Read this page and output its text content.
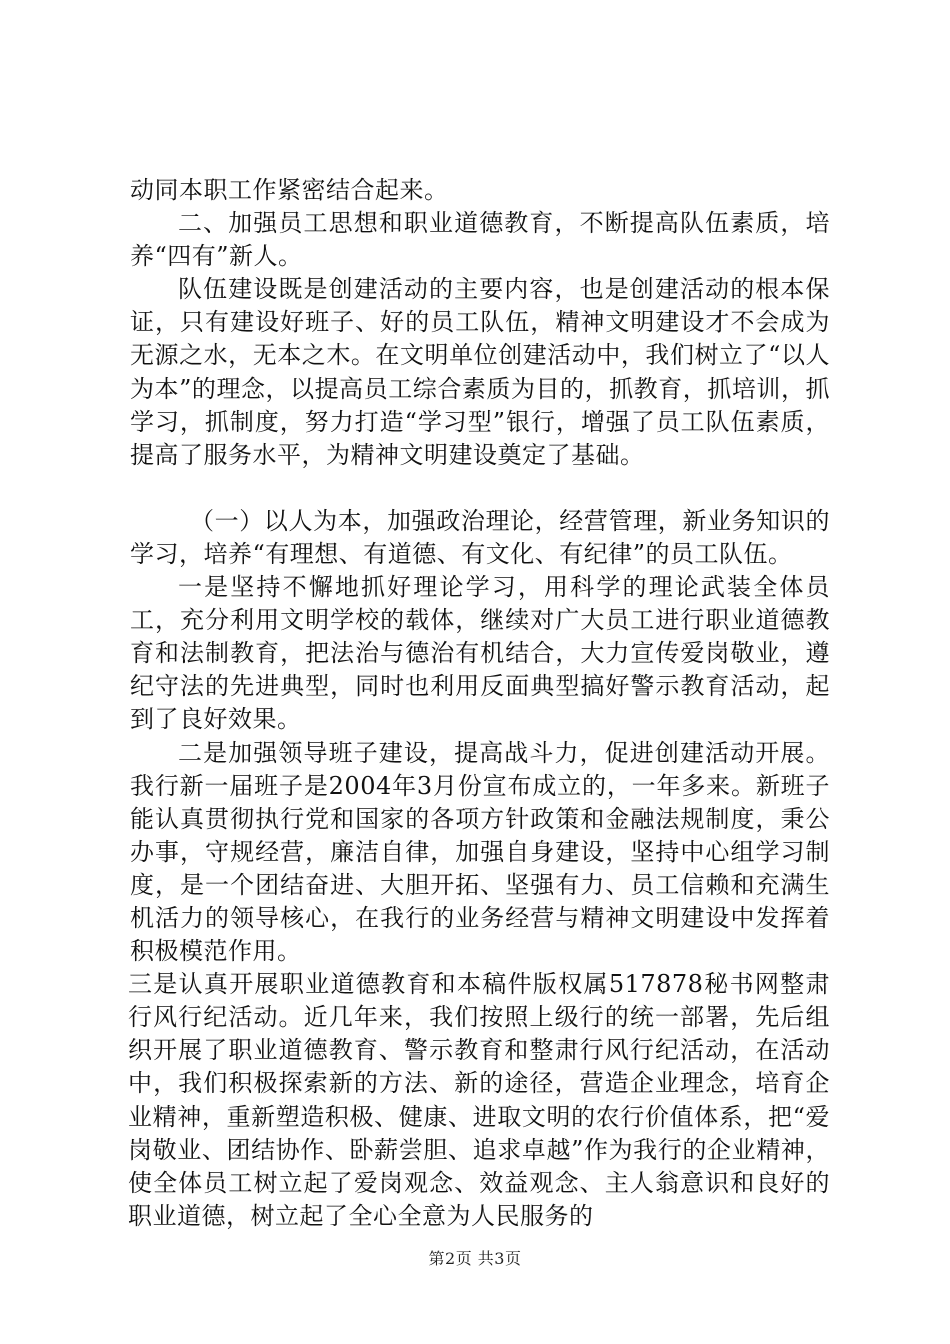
动同本职工作紧密结合起来。

二、加强员工思想和职业道德教育，不断提高队伍素质，培养“四有”新人。

队伍建设既是创建活动的主要内容，也是创建活动的根本保证，只有建设好班子、好的员工队伍，精神文明建设才不会成为无源之水，无本之木。在文明单位创建活动中，我们树立了“以人为本”的理念，以提高员工综合素质为目的，抓教育，抓培训，抓学习，抓制度，努力打造“学习型”银行，增强了员工队伍素质，提高了服务水平，为精神文明建设奠定了基础。

（一）以人为本，加强政治理论，经营管理，新业务知识的学习，培养“有理想、有道德、有文化、有纪律”的员工队伍。

一是坚持不懈地抓好理论学习，用科学的理论武装全体员工，充分利用文明学校的载体，继续对广大员工进行职业道德教育和法制教育，把法治与德治有机结合，大力宣传爱岗敬业，遵纪守法的先进典型，同时也利用反面典型搞好警示教育活动，起到了良好效果。

二是加强领导班子建设，提高战斗力，促进创建活动开展。我行新一届班子是2004年3月份宣布成立的，一年多来。新班子能认真贯彻执行党和国家的各项方针政策和金融法规制度，秉公办事，守规经营，廉洁自律，加强自身建设，坚持中心组学习制度，是一个团结奋进、大胆开拓、坚强有力、员工信赖和充满生机活力的领导核心，在我行的业务经营与精神文明建设中发挥着积极模范作用。

三是认真开展职业道德教育和本稿件版权属517878秘书网整肃行风行纪活动。近几年来，我们按照上级行的统一部署，先后组织开展了职业道德教育、警示教育和整肃行风行纪活动，在活动中，我们积极探索新的方法、新的途径，营造企业理念，培育企业精神，重新塑造积极、健康、进取文明的农行价值体系，把“爱岗敬业、团结协作、卧薪尝胆、追求卓越”作为我行的企业精神，使全体员工树立起了爱岗观念、效益观念、主人翁意识和良好的职业道德，树立起了全心全意为人民服务的

第2页 共3页
